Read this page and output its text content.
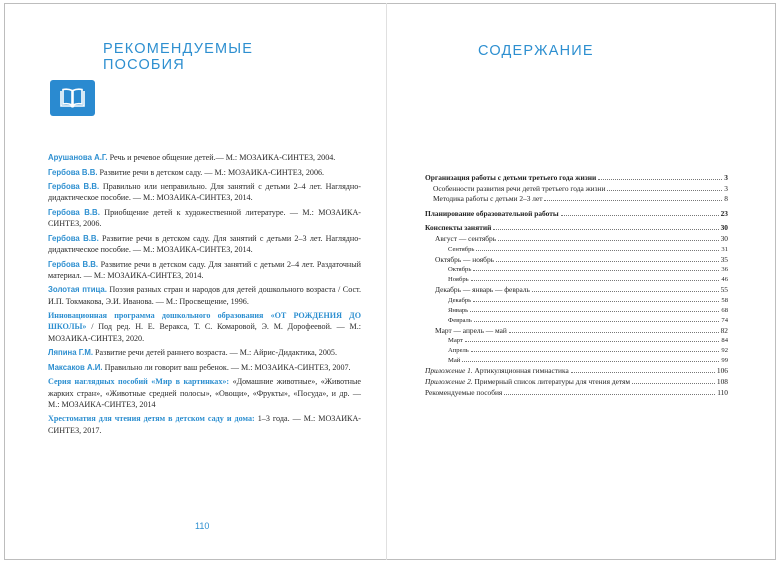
РЕКОМЕНДУЕМЫЕ
ПОСОБИЯ
Арушанова А.Г. Речь и речевое общение детей.— М.: МОЗАИКА-СИНТЕЗ, 2004.
Гербова В.В. Развитие речи в детском саду. — М.: МОЗАИКА-СИНТЕЗ, 2006.
Гербова В.В. Правильно или неправильно. Для занятий с детьми 2–4 лет. Наглядно-дидактическое пособие. — М.: МОЗАИКА-СИНТЕЗ, 2014.
Гербова В.В. Приобщение детей к художественной литературе. — М.: МОЗАИКА-СИНТЕЗ, 2006.
Гербова В.В. Развитие речи в детском саду. Для занятий с детьми 2–3 лет. Наглядно-дидактическое пособие. — М.: МОЗАИКА-СИНТЕЗ, 2014.
Гербова В.В. Развитие речи в детском саду. Для занятий с детьми 2–4 лет. Раздаточный материал. — М.: МОЗАИКА-СИНТЕЗ, 2014.
Золотая птица. Поэзия разных стран и народов для детей дошкольного возраста / Сост. И.П. Токмакова, Э.И. Иванова. — М.: Просвещение, 1996.
Инновационная программа дошкольного образования «ОТ РОЖДЕНИЯ ДО ШКОЛЫ» / Под ред. Н. Е. Веракса, Т. С. Комаровой, Э. М. Дорофеевой. — М.: МОЗАИКА-СИНТЕЗ, 2020.
Ляпина Г.М. Развитие речи детей раннего возраста. — М.: Айрис-Дидактика, 2005.
Максаков А.И. Правильно ли говорит ваш ребенок. — М.: МОЗАИКА-СИНТЕЗ, 2007.
Серия наглядных пособий «Мир в картинках»: «Домашние животные», «Животные жарких стран», «Животные средней полосы», «Овощи», «Фрукты», «Посуда», и др. — М.: МОЗАИКА-СИНТЕЗ, 2014
Хрестоматия для чтения детям в детском саду и дома: 1–3 года. — М.: МОЗАИКА-СИНТЕЗ, 2017.
110
СОДЕРЖАНИЕ
Организация работы с детьми третьего года жизни	3
Особенности развития речи детей третьего года жизни	3
Методика работы с детьми 2–3 лет	8
Планирование образовательной работы	23
Конспекты занятий	30
Август — сентябрь	30
Сентябрь	31
Октябрь — ноябрь	35
Октябрь	36
Ноябрь	46
Декабрь — январь — февраль	55
Декабрь	58
Январь	68
Февраль	74
Март — апрель — май	82
Март	84
Апрель	92
Май	99
Приложение 1. Артикуляционная гимнастика	106
Приложение 2. Примерный список литературы для чтения детям	108
Рекомендуемые пособия	110
